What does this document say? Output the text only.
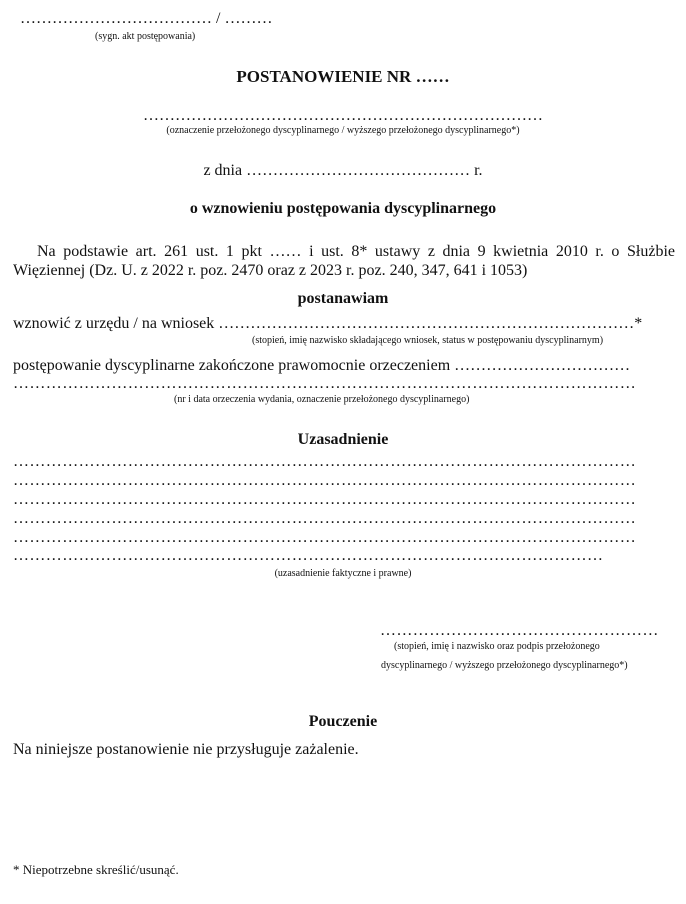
……………………………… / ………
(sygn. akt postępowania)
POSTANOWIENIE NR ……
…………………………………………………………………
(oznaczenie przełożonego dyscyplinarnego / wyższego przełożonego dyscyplinarnego*)
z dnia …………………………………… r.
o wznowieniu postępowania dyscyplinarnego
Na podstawie art. 261 ust. 1 pkt …… i ust. 8* ustawy z dnia 9 kwietnia 2010 r. o Służbie Więziennej (Dz. U. z 2022 r. poz. 2470 oraz z 2023 r. poz. 240, 347, 641 i 1053)
postanawiam
wznowić z urzędu / na wniosek ……………………………………………………………………*
(stopień, imię nazwisko składającego wniosek, status w postępowaniu dyscyplinarnym)
postępowanie dyscyplinarne zakończone prawomocnie orzeczeniem ……………………………
……………………………………………………………………………………………………
(nr i data orzeczenia wydania, oznaczenie przełożonego dyscyplinarnego)
Uzasadnienie
……………………………………………………………………………………………………
……………………………………………………………………………………………………
……………………………………………………………………………………………………
……………………………………………………………………………………………………
……………………………………………………………………………………………………
………………………………………………………………………………………………
(uzasadnienie faktyczne i prawne)
……………………………………………
(stopień, imię i nazwisko oraz podpis przełożonego
dyscyplinarnego / wyższego przełożonego dyscyplinarnego*)
Pouczenie
Na niniejsze postanowienie nie przysługuje zażalenie.
* Niepotrzebne skreślić/usunąć.
